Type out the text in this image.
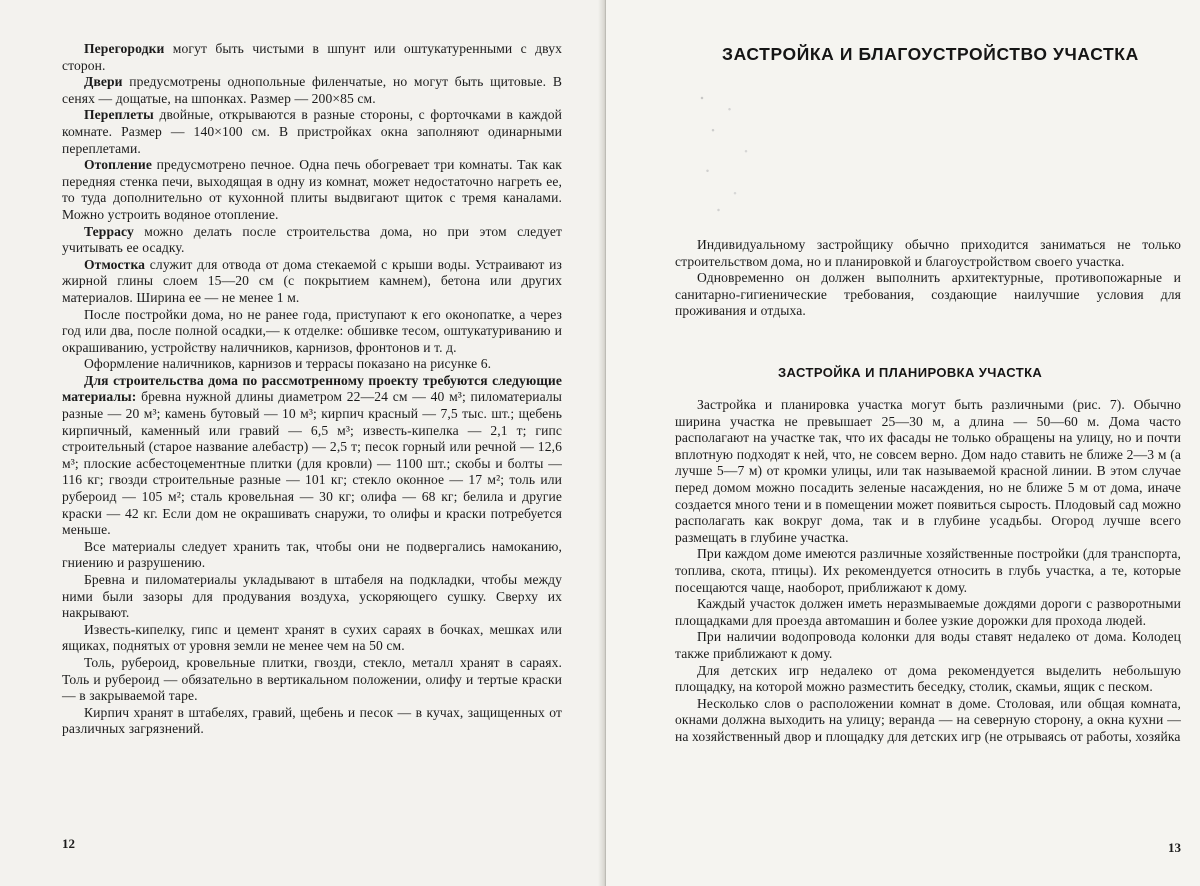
Перегородки могут быть чистыми в шпунт или оштукатуренными с двух сторон.

Двери предусмотрены однопольные филенчатые, но могут быть щитовые. В сенях — дощатые, на шпонках. Размер — 200×85 см.

Переплеты двойные, открываются в разные стороны, с форточками в каждой комнате. Размер — 140×100 см. В пристройках окна заполняют одинарными переплетами.

Отопление предусмотрено печное. Одна печь обогревает три комнаты. Так как передняя стенка печи, выходящая в одну из комнат, может недостаточно нагреть ее, то туда дополнительно от кухонной плиты выдвигают щиток с тремя каналами. Можно устроить водяное отопление.

Террасу можно делать после строительства дома, но при этом следует учитывать ее осадку.

Отмостка служит для отвода от дома стекаемой с крыши воды. Устраивают из жирной глины слоем 15—20 см (с покрытием камнем), бетона или других материалов. Ширина ее — не менее 1 м.

После постройки дома, но не ранее года, приступают к его оконопатке, а через год или два, после полной осадки,— к отделке: обшивке тесом, оштукатуриванию и окрашиванию, устройству наличников, карнизов, фронтонов и т. д.

Оформление наличников, карнизов и террасы показано на рисунке 6.

Для строительства дома по рассмотренному проекту требуются следующие материалы: бревна нужной длины диаметром 22—24 см — 40 м³; пиломатериалы разные — 20 м³; камень бутовый — 10 м³; кирпич красный — 7,5 тыс. шт.; щебень кирпичный, каменный или гравий — 6,5 м³; известь-кипелка — 2,1 т; гипс строительный (старое название алебастр) — 2,5 т; песок горный или речной — 12,6 м³; плоские асбестоцементные плитки (для кровли) — 1100 шт.; скобы и болты — 116 кг; гвозди строительные разные — 101 кг; стекло оконное — 17 м²; толь или рубероид — 105 м²; сталь кровельная — 30 кг; олифа — 68 кг; белила и другие краски — 42 кг. Если дом не окрашивать снаружи, то олифы и краски потребуется меньше.

Все материалы следует хранить так, чтобы они не подвергались намоканию, гниению и разрушению.

Бревна и пиломатериалы укладывают в штабеля на подкладки, чтобы между ними были зазоры для продувания воздуха, ускоряющего сушку. Сверху их накрывают.

Известь-кипелку, гипс и цемент хранят в сухих сараях в бочках, мешках или ящиках, поднятых от уровня земли не менее чем на 50 см.

Толь, рубероид, кровельные плитки, гвозди, стекло, металл хранят в сараях. Толь и рубероид — обязательно в вертикальном положении, олифу и тертые краски — в закрываемой таре.

Кирпич хранят в штабелях, гравий, щебень и песок — в кучах, защищенных от различных загрязнений.

12
ЗАСТРОЙКА И БЛАГОУСТРОЙСТВО УЧАСТКА

Индивидуальному застройщику обычно приходится заниматься не только строительством дома, но и планировкой и благоустройством своего участка.

Одновременно он должен выполнить архитектурные, противопожарные и санитарно-гигиенические требования, создающие наилучшие условия для проживания и отдыха.

ЗАСТРОЙКА И ПЛАНИРОВКА УЧАСТКА

Застройка и планировка участка могут быть различными (рис. 7). Обычно ширина участка не превышает 25—30 м, а длина — 50—60 м. Дома часто располагают на участке так, что их фасады не только обращены на улицу, но и почти вплотную подходят к ней, что, не совсем верно. Дом надо ставить не ближе 2—3 м (а лучше 5—7 м) от кромки улицы, или так называемой красной линии. В этом случае перед домом можно посадить зеленые насаждения, но не ближе 5 м от дома, иначе создается много тени и в помещении может появиться сырость. Плодовый сад можно располагать как вокруг дома, так и в глубине усадьбы. Огород лучше всего размещать в глубине участка.

При каждом доме имеются различные хозяйственные постройки (для транспорта, топлива, скота, птицы). Их рекомендуется относить в глубь участка, а те, которые посещаются чаще, наоборот, приближают к дому.

Каждый участок должен иметь неразмываемые дождями дороги с разворотными площадками для проезда автомашин и более узкие дорожки для прохода людей.

При наличии водопровода колонки для воды ставят недалеко от дома. Колодец также приближают к дому.

Для детских игр недалеко от дома рекомендуется выделить небольшую площадку, на которой можно разместить беседку, столик, скамьи, ящик с песком.

Несколько слов о расположении комнат в доме. Столовая, или общая комната, окнами должна выходить на улицу; веранда — на северную сторону, а окна кухни — на хозяйственный двор и площадку для детских игр (не отрываясь от работы, хозяйка

13
